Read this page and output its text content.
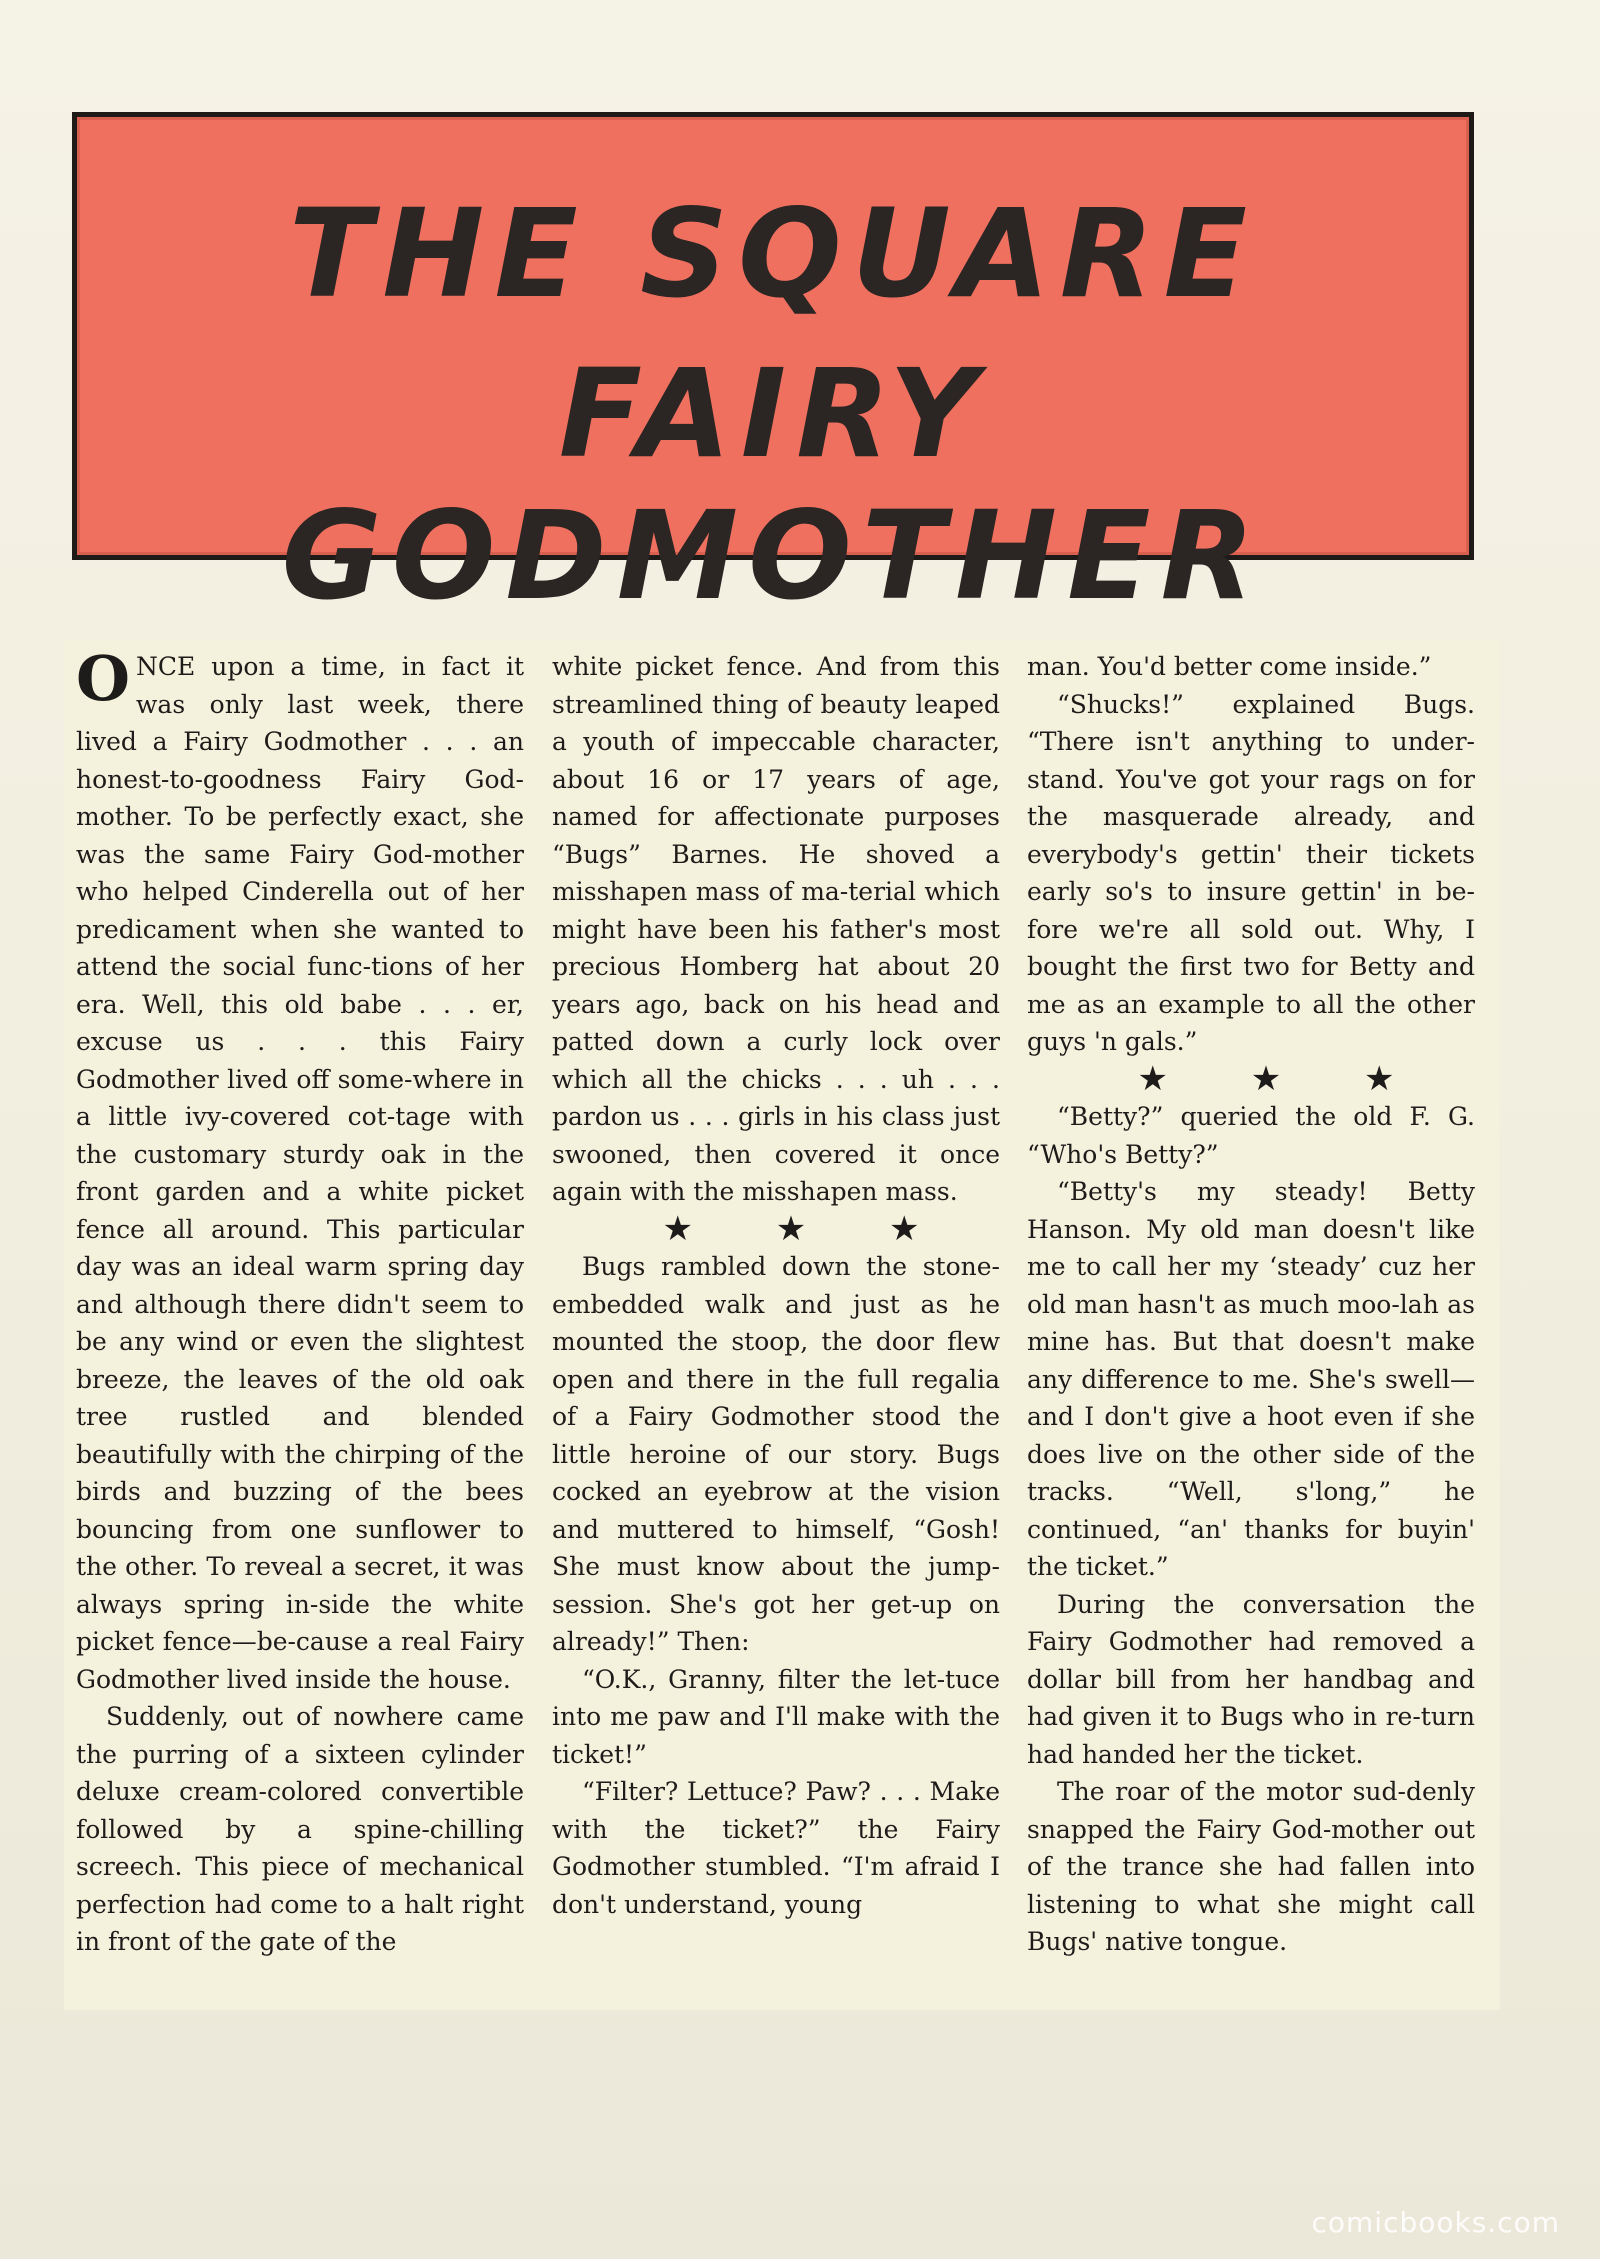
THE SQUARE
FAIRY GODMOTHER

ONCE upon a time, in fact it was only last week, there lived a Fairy Godmother . . . an honest-to-goodness Fairy God-mother. To be perfectly exact, she was the same Fairy God-mother who helped Cinderella out of her predicament when she wanted to attend the social func-tions of her era. Well, this old babe . . . er, excuse us . . . this Fairy Godmother lived off some-where in a little ivy-covered cot-tage with the customary sturdy oak in the front garden and a white picket fence all around. This particular day was an ideal warm spring day and although there didn't seem to be any wind or even the slightest breeze, the leaves of the old oak tree rustled and blended beautifully with the chirping of the birds and buzzing of the bees bouncing from one sunflower to the other. To reveal a secret, it was always spring in-side the white picket fence—be-cause a real Fairy Godmother lived inside the house.

Suddenly, out of nowhere came the purring of a sixteen cylinder deluxe cream-colored convertible followed by a spine-chilling screech. This piece of mechanical perfection had come to a halt right in front of the gate of the

white picket fence. And from this streamlined thing of beauty leaped a youth of impeccable character, about 16 or 17 years of age, named for affectionate purposes “Bugs” Barnes. He shoved a misshapen mass of ma-terial which might have been his father's most precious Homberg hat about 20 years ago, back on his head and patted down a curly lock over which all the chicks . . . uh . . . pardon us . . . girls in his class just swooned, then covered it once again with the misshapen mass.

★ ★ ★

Bugs rambled down the stone-embedded walk and just as he mounted the stoop, the door flew open and there in the full regalia of a Fairy Godmother stood the little heroine of our story. Bugs cocked an eyebrow at the vision and muttered to himself, “Gosh! She must know about the jump-session. She's got her get-up on already!” Then:

“O.K., Granny, filter the let-tuce into me paw and I'll make with the ticket!”

“Filter? Lettuce? Paw? . . . Make with the ticket?” the Fairy Godmother stumbled. “I'm afraid I don't understand, young

man. You'd better come inside.”

“Shucks!” explained Bugs. “There isn't anything to under-stand. You've got your rags on for the masquerade already, and everybody's gettin' their tickets early so's to insure gettin' in be-fore we're all sold out. Why, I bought the first two for Betty and me as an example to all the other guys 'n gals.”

★ ★ ★

“Betty?” queried the old F. G. “Who's Betty?”

“Betty's my steady! Betty Hanson. My old man doesn't like me to call her my ‘steady’ cuz her old man hasn't as much moo-lah as mine has. But that doesn't make any difference to me. She's swell—and I don't give a hoot even if she does live on the other side of the tracks. “Well, s'long,” he continued, “an' thanks for buyin' the ticket.”

During the conversation the Fairy Godmother had removed a dollar bill from her handbag and had given it to Bugs who in re-turn had handed her the ticket.

The roar of the motor sud-denly snapped the Fairy God-mother out of the trance she had fallen into listening to what she might call Bugs' native tongue.

comicbooks.com
